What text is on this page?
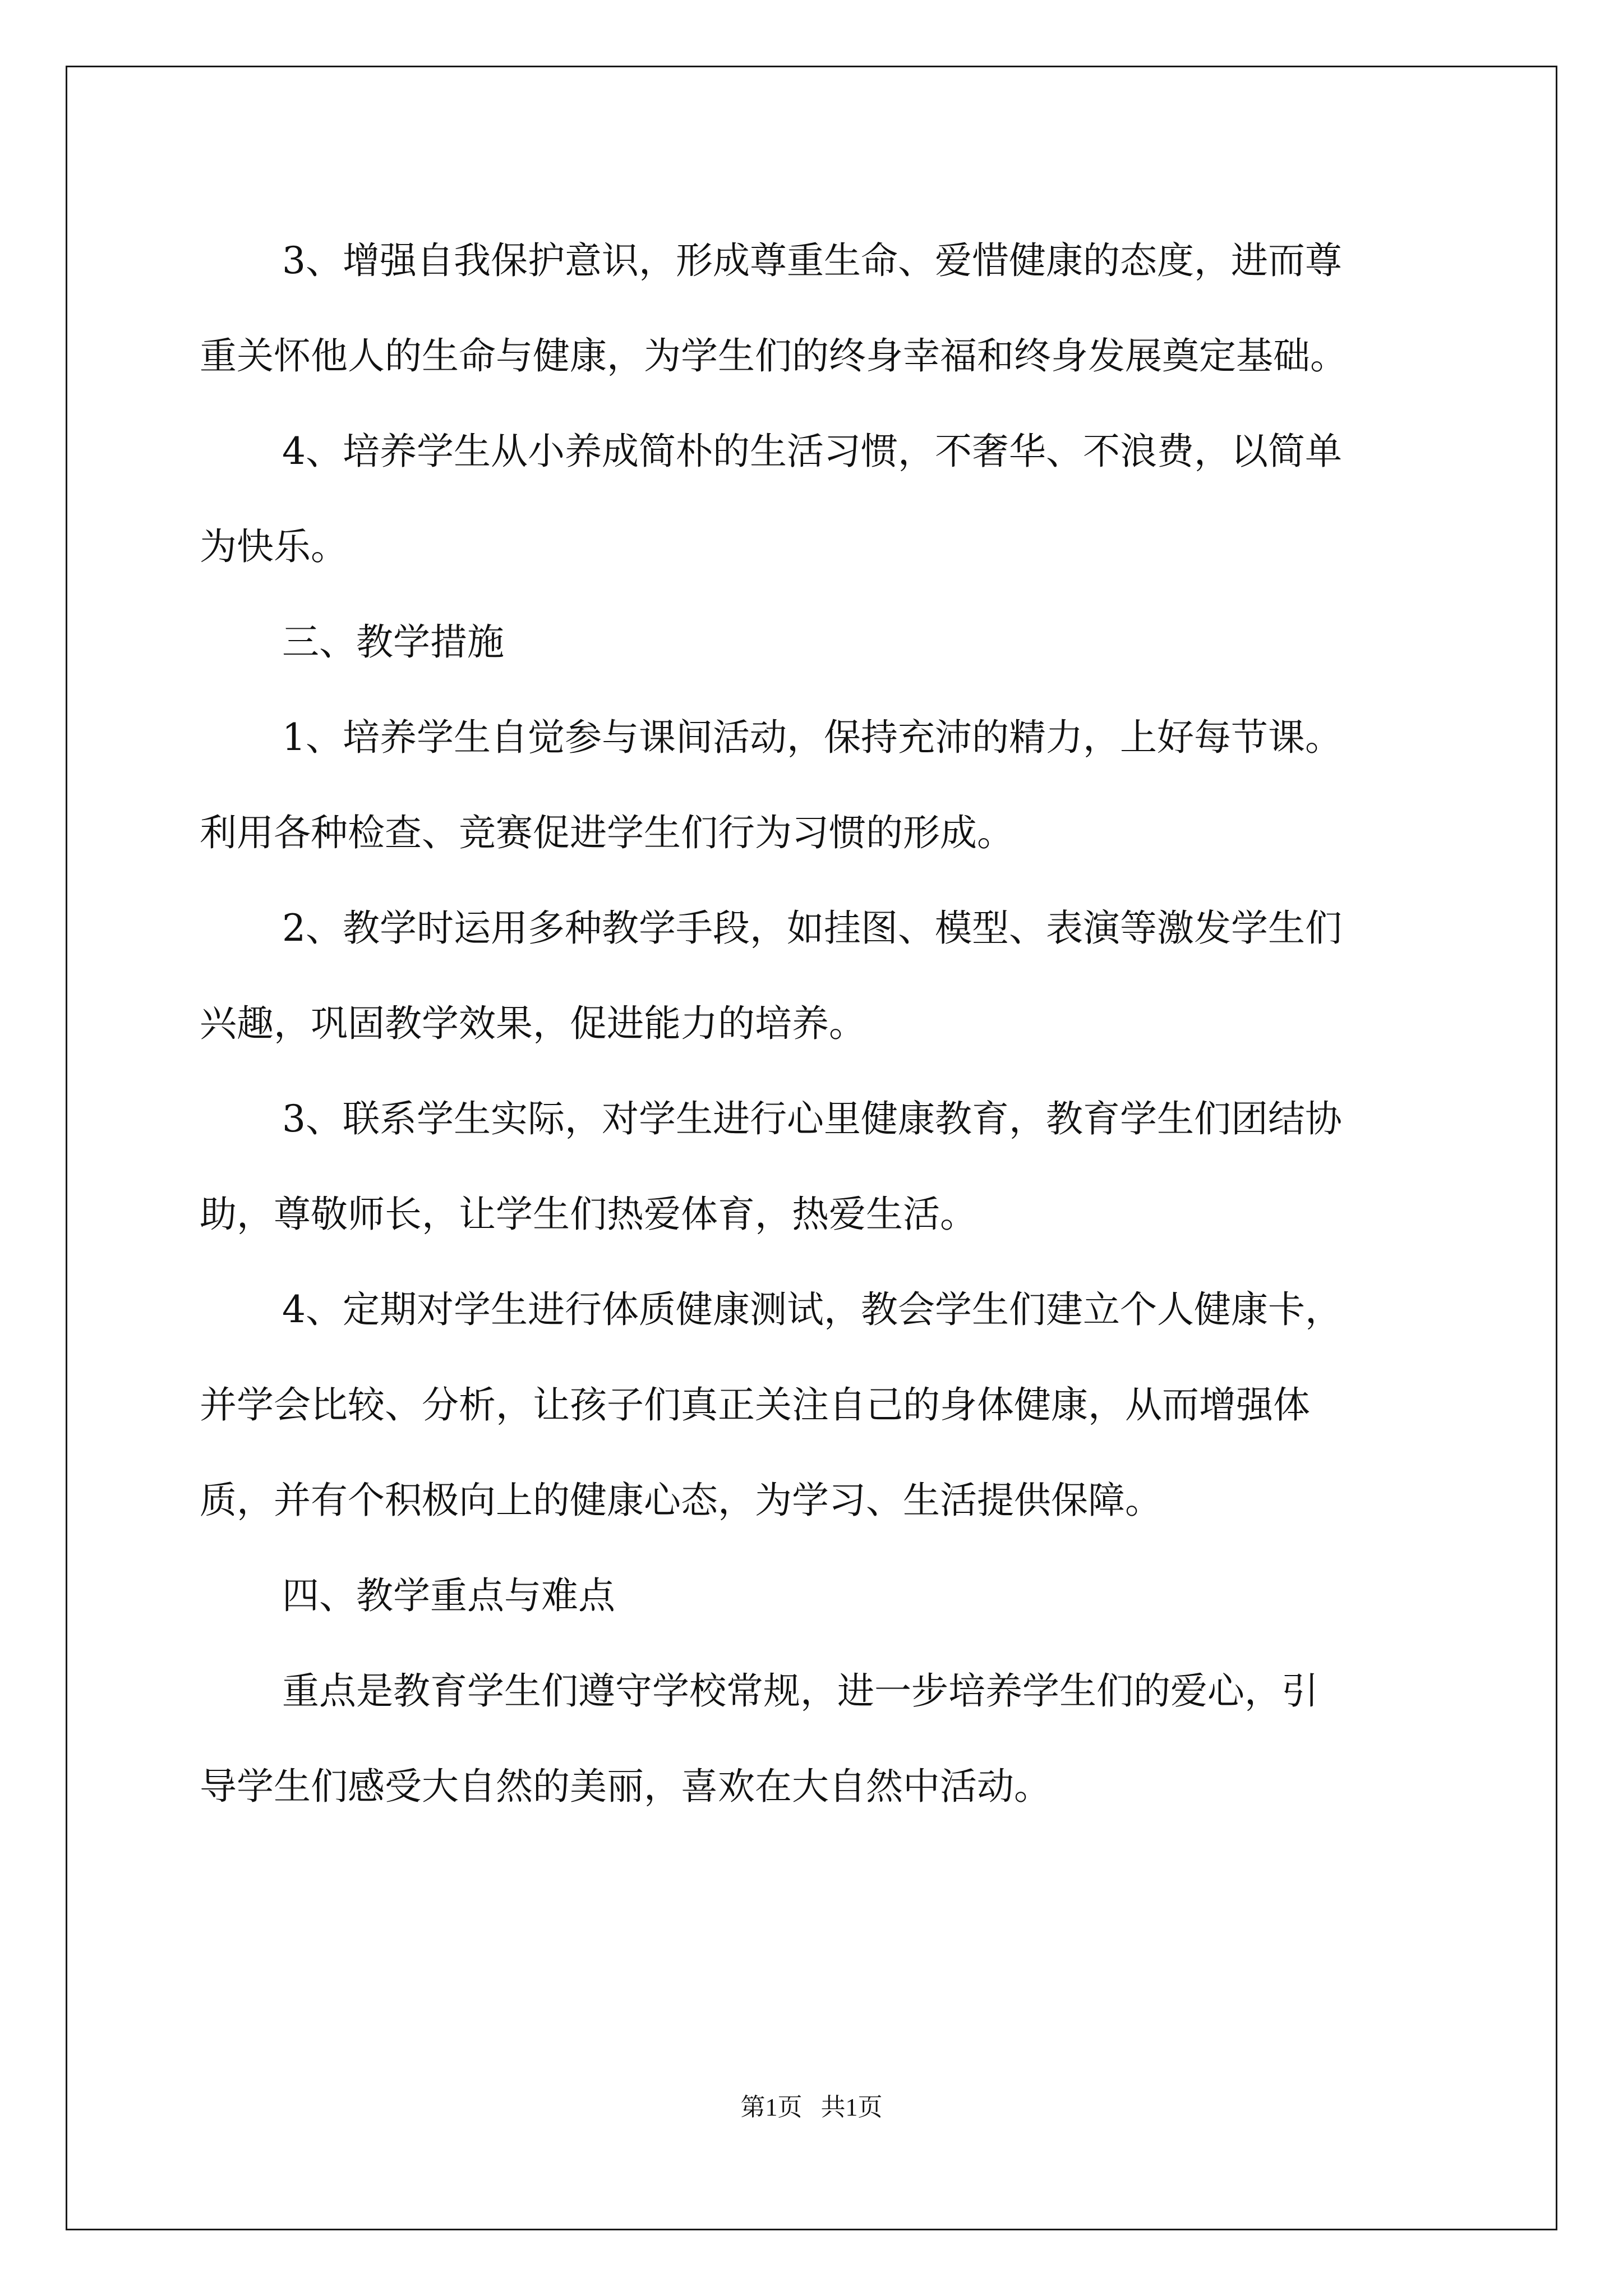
3、增强自我保护意识，形成尊重生命、爱惜健康的态度，进而尊
重关怀他人的生命与健康，为学生们的终身幸福和终身发展奠定基础。
4、培养学生从小养成简朴的生活习惯，不奢华、不浪费，以简单
为快乐。
三、教学措施
1、培养学生自觉参与课间活动，保持充沛的精力，上好每节课。
利用各种检查、竞赛促进学生们行为习惯的形成。
2、教学时运用多种教学手段，如挂图、模型、表演等激发学生们
兴趣，巩固教学效果，促进能力的培养。
3、联系学生实际，对学生进行心里健康教育，教育学生们团结协
助，尊敬师长，让学生们热爱体育，热爱生活。
4、定期对学生进行体质健康测试，教会学生们建立个人健康卡，
并学会比较、分析，让孩子们真正关注自己的身体健康，从而增强体
质，并有个积极向上的健康心态，为学习、生活提供保障。
四、教学重点与难点
重点是教育学生们遵守学校常规，进一步培养学生们的爱心，引
导学生们感受大自然的美丽，喜欢在大自然中活动。
第1页   共1页
